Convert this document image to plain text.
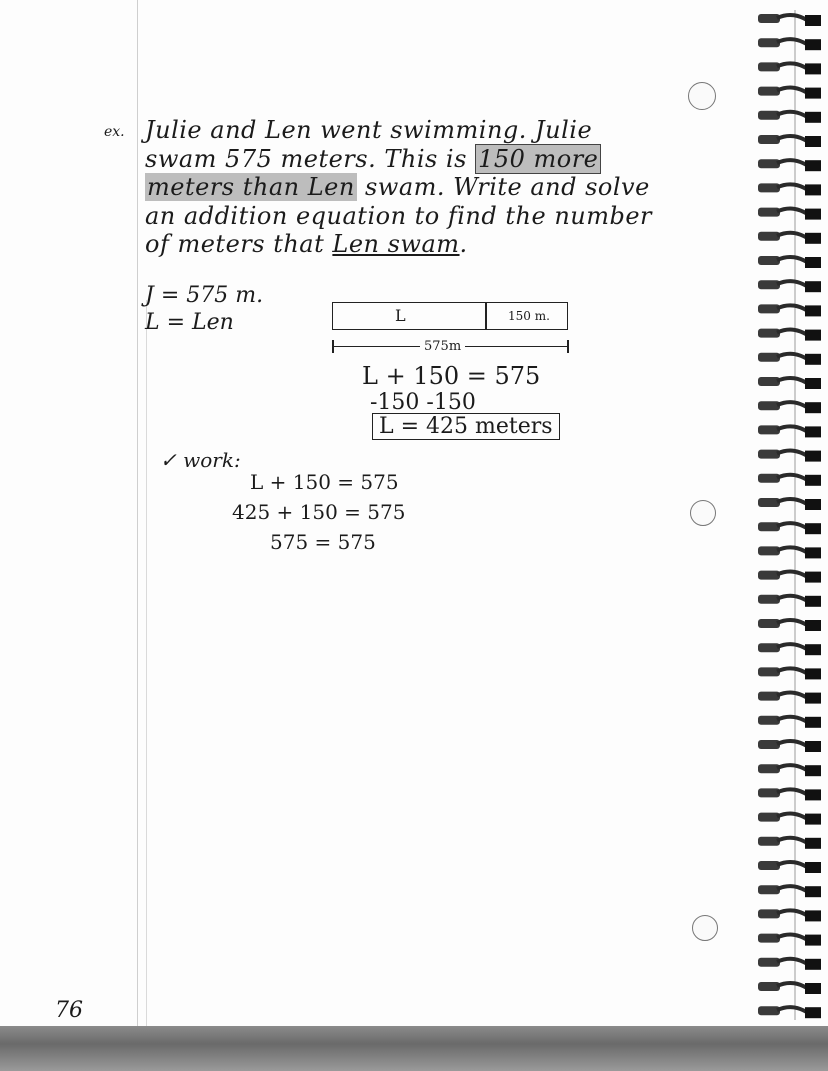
ex. Julie and Len went swimming. Julie
swam 575 meters. This is 150 more
meters than Len swam. Write and solve
an addition equation to find the number
of meters that Len swam.
J = 575 m.
L = Len	L	150 m.
575m
L + 150 = 575
-150 -150
L = 425 meters
✓ work:
L + 150 = 575
425 + 150 = 575
575 = 575
76
